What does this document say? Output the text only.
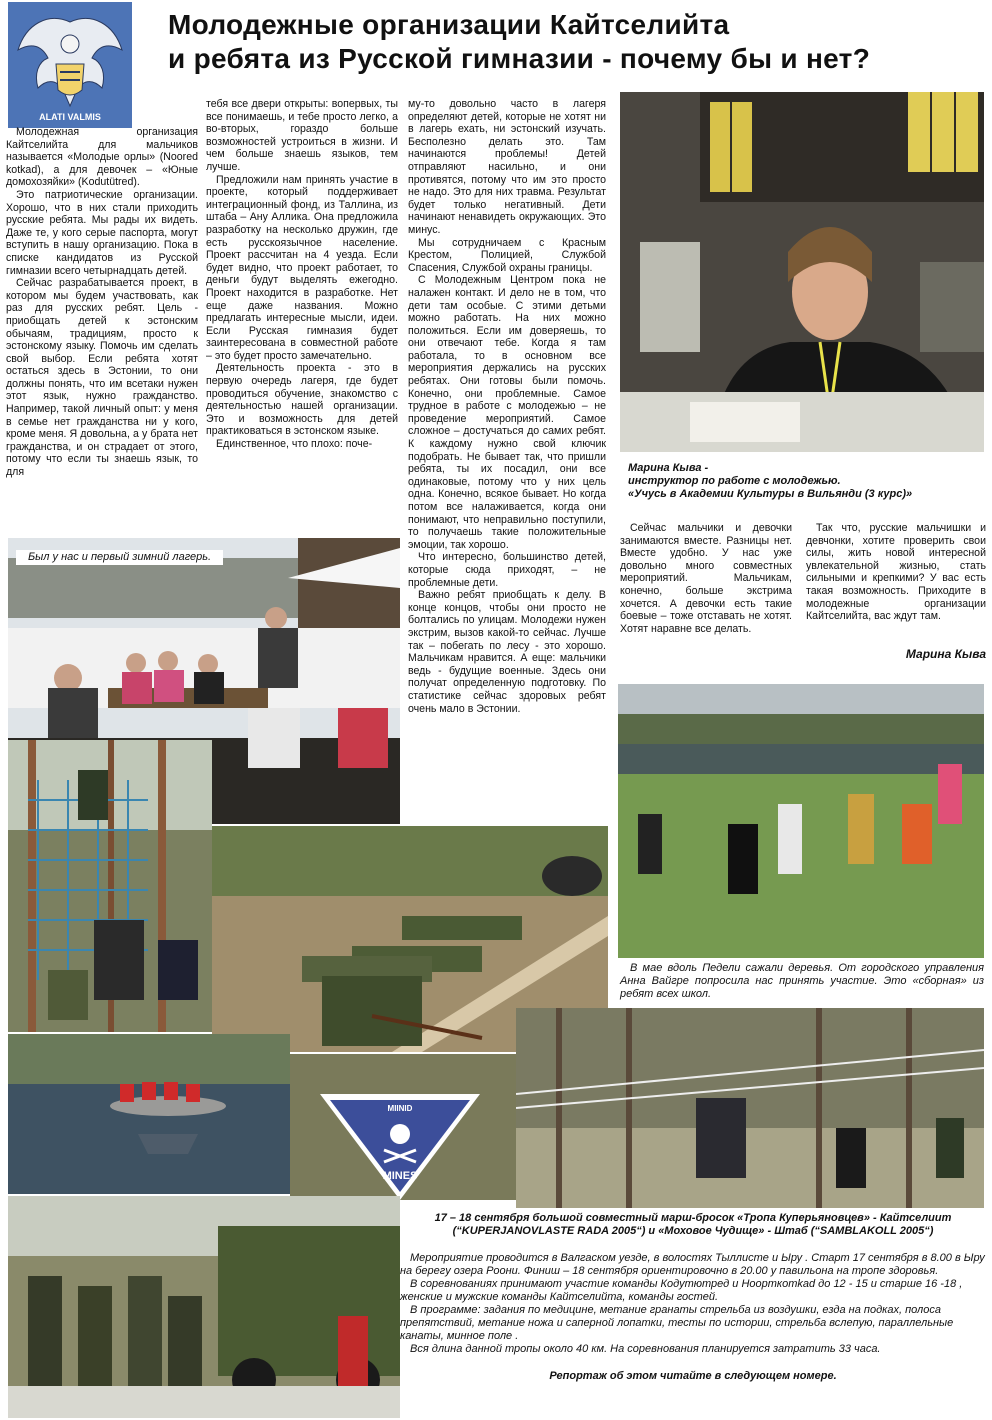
ALATI VALMIS
Молодежные организации Кайтселийта
и ребята из Русской гимназии - почему бы и нет?

Молодежная организация Кайтселийта для мальчиков называется «Молодые орлы» (Noored kotkad), а для девочек – «Юные домохозяйки» (Kodutütred).

Это патриотические организации. Хорошо, что в них стали приходить русские ребята. Мы рады их видеть. Даже те, у кого серые паспорта, могут вступить в нашу организацию. Пока в списке кандидатов из Русской гимназии всего четырнадцать детей.

Сейчас разрабатывается проект, в котором мы будем участвовать, как раз для русских ребят. Цель - приобщать детей к эстонским обычаям, традициям, просто к эстонскому языку. Помочь им сделать свой выбор. Если ребята хотят остаться здесь в Эстонии, то они должны понять, что им всетаки нужен этот язык, нужно гражданство. Например, такой личный опыт: у меня в семье нет гражданства ни у кого, кроме меня. Я довольна, а у брата нет гражданства, и он страдает от этого, потому что если ты знаешь язык, то для

тебя все двери открыты: вопервых, ты все понимаешь, и тебе просто легко, а во-вторых, гораздо больше возможностей устроиться в жизни. И чем больше знаешь языков, тем лучше.

Предложили нам принять участие в проекте, который поддерживает интеграционный фонд, из Таллина, из штаба – Ану Аллика. Она предложила разработку на несколько дружин, где есть русскоязычное население. Проект рассчитан на 4 уезда. Если будет видно, что проект работает, то деньги будут выделять ежегодно. Проект находится в разработке. Нет еще даже названия. Можно предлагать интересные мысли, идеи. Если Русская гимназия будет заинтересована в совместной работе – это будет просто замечательно.

Деятельность проекта - это в первую очередь лагеря, где будет проводиться обучение, знакомство с деятельностью нашей организации. Это и возможность для детей практиковаться в эстонском языке.

Единственное, что плохо: поче-

му-то довольно часто в лагеря определяют детей, которые не хотят ни в лагерь ехать, ни эстонский изучать. Бесполезно делать это. Там начинаются проблемы! Детей отправляют насильно, и они противятся, потому что им это просто не надо. Это для них травма. Результат будет только негативный. Дети начинают ненавидеть окружающих. Это минус.

Мы сотрудничаем с Красным Крестом, Полицией, Службой Спасения, Службой охраны границы.

С Молодежным Центром пока не налажен контакт. И дело не в том, что дети там особые. С этими детьми можно работать. На них можно положиться. Если им доверяешь, то они отвечают тебе. Когда я там работала, то в основном все мероприятия держались на русских ребятах. Они готовы были помочь. Конечно, они проблемные. Самое трудное в работе с молодежью – не проведение мероприятий. Самое сложное – достучаться до самих ребят. К каждому нужно свой ключик подобрать. Не бывает так, что пришли ребята, ты их посадил, они все одинаковые, потому что у них цель одна. Конечно, всякое бывает. Но когда потом все налаживается, когда они понимают, что неправильно поступили, то получаешь такие положительные эмоции, так хорошо.

Что интересно, большинство детей, которые сюда приходят, – не проблемные дети.

Важно ребят приобщать к делу. В конце концов, чтобы они просто не болтались по улицам. Молодежи нужен экстрим, вызов какой-то сейчас. Лучше так – побегать по лесу - это хорошо. Мальчикам нравится. А еще: мальчики ведь - будущие военные. Здесь они получат определенную подготовку. По статистике сейчас здоровых ребят очень мало в Эстонии.

Марина Кыва -
инструктор по работе с молодежью.
«Учусь в Академии Культуры в Вильянди (3 курс)»

Сейчас мальчики и девочки занимаются вместе. Разницы нет. Вместе удобно. У нас уже довольно много совместных мероприятий. Мальчикам, конечно, больше экстрима хочется. А девочки есть такие боевые – тоже отставать не хотят. Хотят наравне все делать.

Так что, русские мальчишки и девчонки, хотите проверить свои силы, жить новой интересной увлекательной жизнью, стать сильными и крепкими? У вас есть такая возможность. Приходите в молодежные организации Кайтселийта, вас ждут там.

Марина Кыва
Был у нас и первый зимний лагерь.
MIINID
MINES
В мае вдоль Педели сажали деревья. От городского управления Анна Вайгре попросила нас принять участие. Это «сборная» из ребят всех школ.
17 – 18 сентября большой совместный марш-бросок «Тропа Куперьяновцев» - Кайтселиит (“KUPERJANOVLASTE RADA 2005“) и «Моховое Чудище» - Штаб (“SAMBLAKOLL 2005“)

Мероприятие проводится в Валгаском уезде, в волостях Тыллисте и Ыру . Старт 17 сентября в 8.00 в Ыру на берегу озера Роони. Финиш – 18 сентября ориентировочно в 20.00 у павильона на тропе здоровья.

В соревнованиях принимают участие команды Кодутютред и Ноорткотkad до 12 - 15 и старше 16 -18 , женские и мужские команды Кайтселийта, команды гостей.

В программе: задания по медицине, метание гранаты стрельба из воздушки, езда на подках, полоса препятствий, метание ножа и саперной лопатки, тесты по истории, стрельба вслепую, параллельные канаты, минное поле .

Вся длина данной тропы около 40 км. На соревнования планируется затратить 33 часа.

Репортаж об этом читайте в следующем номере.
